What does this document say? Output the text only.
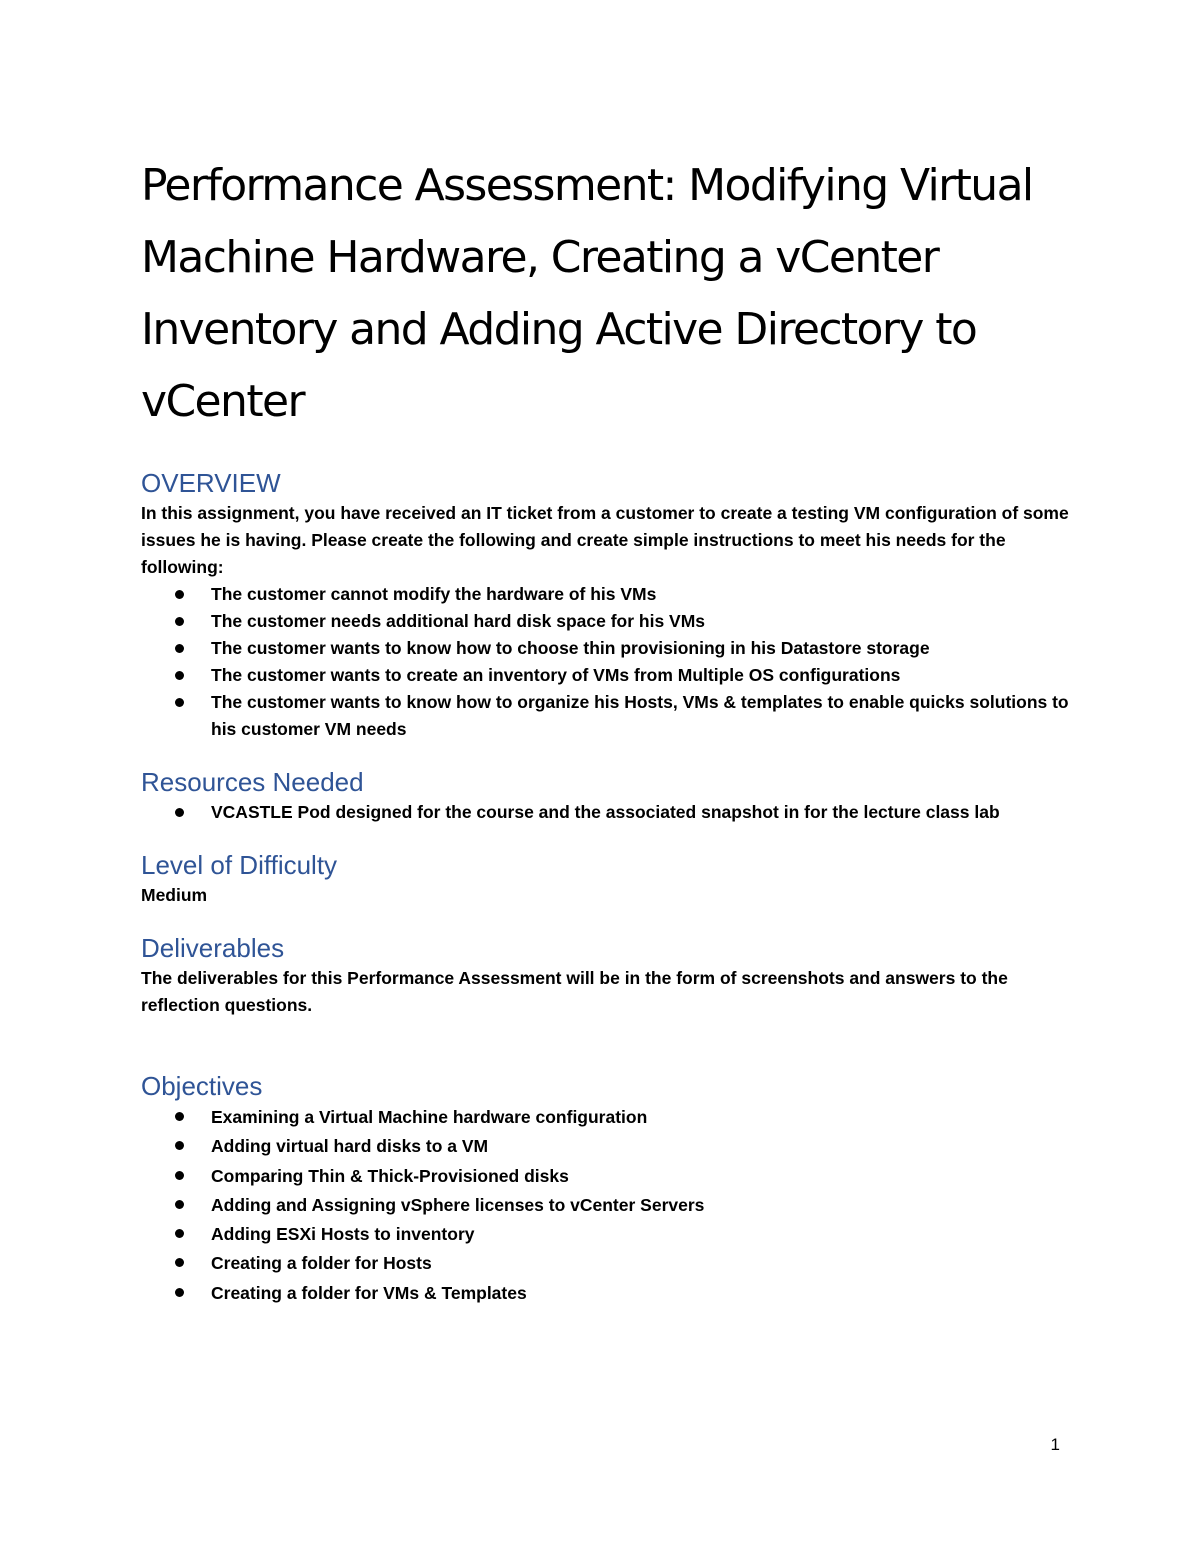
Performance Assessment: Modifying Virtual Machine Hardware, Creating a vCenter Inventory and Adding Active Directory to vCenter
OVERVIEW

In this assignment, you have received an IT ticket from a customer to create a testing VM configuration of some issues he is having. Please create the following and create simple instructions to meet his needs for the following:

The customer cannot modify the hardware of his VMs
The customer needs additional hard disk space for his VMs
The customer wants to know how to choose thin provisioning in his Datastore storage
The customer wants to create an inventory of VMs from Multiple OS configurations
The customer wants to know how to organize his Hosts, VMs & templates to enable quicks solutions to his customer VM needs
Resources Needed
VCASTLE Pod designed for the course and the associated snapshot in for the lecture class lab
Level of Difficulty

Medium

Deliverables

The deliverables for this Performance Assessment will be in the form of screenshots and answers to the reflection questions.

Objectives
Examining a Virtual Machine hardware configuration
Adding virtual hard disks to a VM
Comparing Thin & Thick-Provisioned disks
Adding and Assigning vSphere licenses to vCenter Servers
Adding ESXi Hosts to inventory
Creating a folder for Hosts
Creating a folder for VMs & Templates
1
